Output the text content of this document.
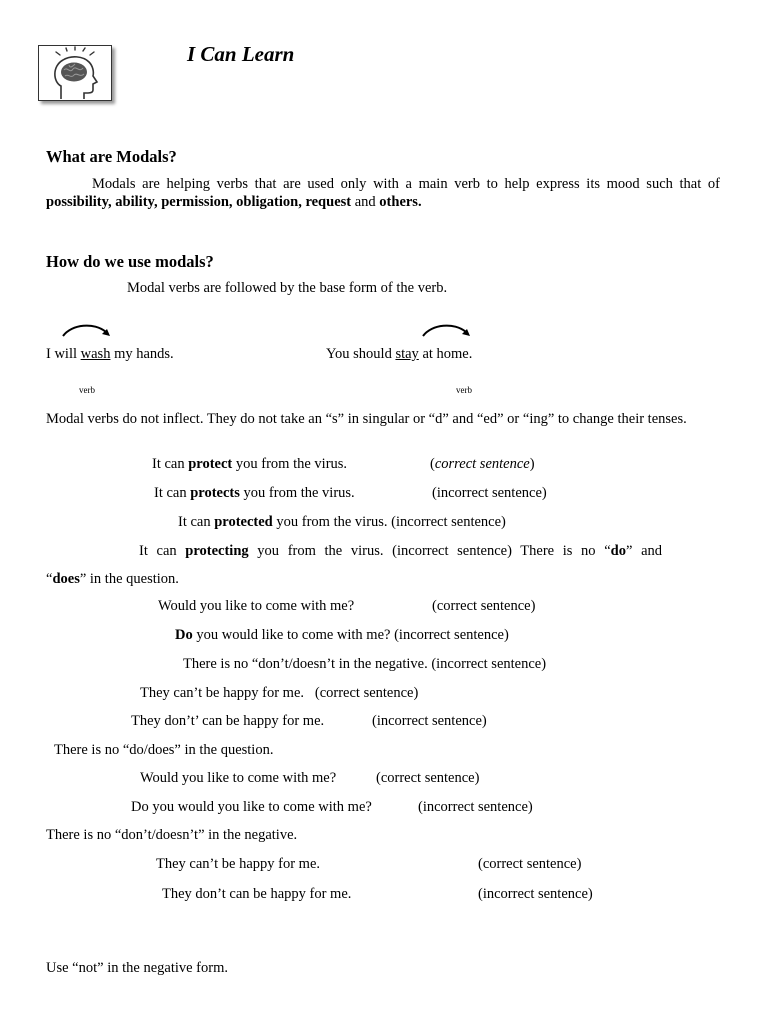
I Can Learn
What are Modals?
Modals are helping verbs that are used only with a main verb to help express its mood such that of possibility, ability, permission, obligation, request and others.
How do we use modals?
Modal verbs are followed by the base form of the verb.
I will wash my hands.	You should stay at home.
verb	verb
Modal verbs do not inflect. They do not take an “s” in singular or “d” and “ed” or “ing” to change their tenses.
It can protect you from the virus.	(correct sentence)
It can protects you from the virus.	(incorrect sentence)
It can protected you from the virus. (incorrect sentence)
It can protecting you from the virus. (incorrect sentence) There is no “do” and
“does” in the question.
Would you like to come with me?	(correct sentence)
Do you would like to come with me? (incorrect sentence)
There is no “don’t/doesn’t in the negative. (incorrect sentence)
They can’t be happy for me.   (correct sentence)
They don’t’ can be happy for me.	(incorrect sentence)
There is no “do/does” in the question.
Would you like to come with me?	(correct sentence)
Do you would you like to come with me?	(incorrect sentence)
There is no “don’t/doesn’t” in the negative.
They can’t be happy for me.	(correct sentence)
They don’t can be happy for me.	(incorrect sentence)
Use “not” in the negative form.
